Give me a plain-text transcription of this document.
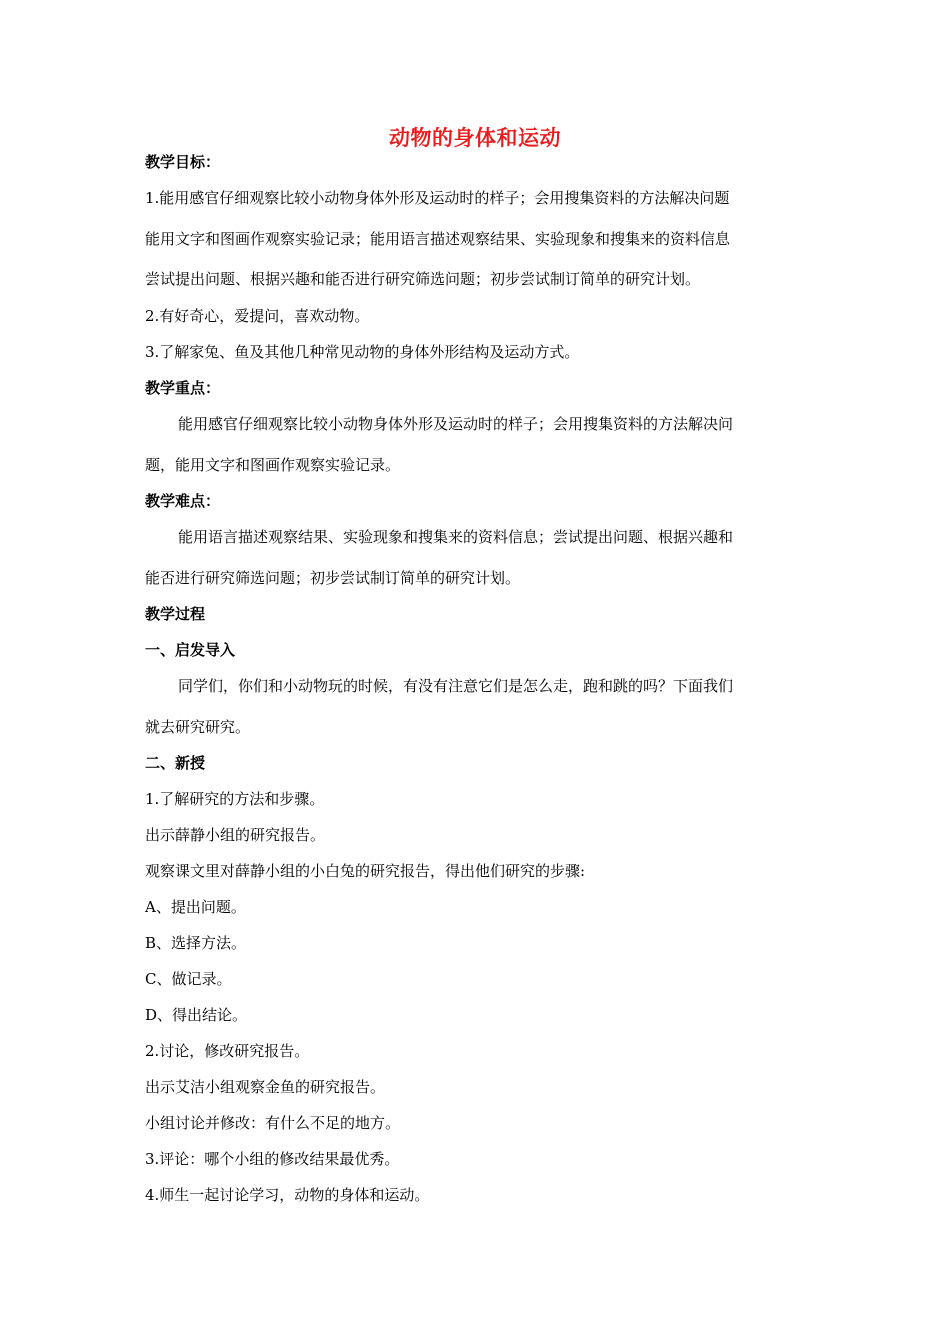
动物的身体和运动
教学目标：
1.能用感官仔细观察比较小动物身体外形及运动时的样子；会用搜集资料的方法解决问题
能用文字和图画作观察实验记录；能用语言描述观察结果、实验现象和搜集来的资料信息
尝试提出问题、根据兴趣和能否进行研究筛选问题；初步尝试制订简单的研究计划。
2.有好奇心，爱提问，喜欢动物。
3.了解家兔、鱼及其他几种常见动物的身体外形结构及运动方式。
教学重点：
能用感官仔细观察比较小动物身体外形及运动时的样子；会用搜集资料的方法解决问
题，能用文字和图画作观察实验记录。
教学难点：
能用语言描述观察结果、实验现象和搜集来的资料信息；尝试提出问题、根据兴趣和
能否进行研究筛选问题；初步尝试制订简单的研究计划。
教学过程
一、启发导入
同学们，你们和小动物玩的时候，有没有注意它们是怎么走，跑和跳的吗？下面我们
就去研究研究。
二、新授
1.了解研究的方法和步骤。
出示薛静小组的研究报告。
观察课文里对薛静小组的小白兔的研究报告，得出他们研究的步骤:
A、提出问题。
B、选择方法。
C、做记录。
D、得出结论。
2.讨论，修改研究报告。
出示艾洁小组观察金鱼的研究报告。
小组讨论并修改：有什么不足的地方。
3.评论：哪个小组的修改结果最优秀。
4.师生一起讨论学习，动物的身体和运动。
